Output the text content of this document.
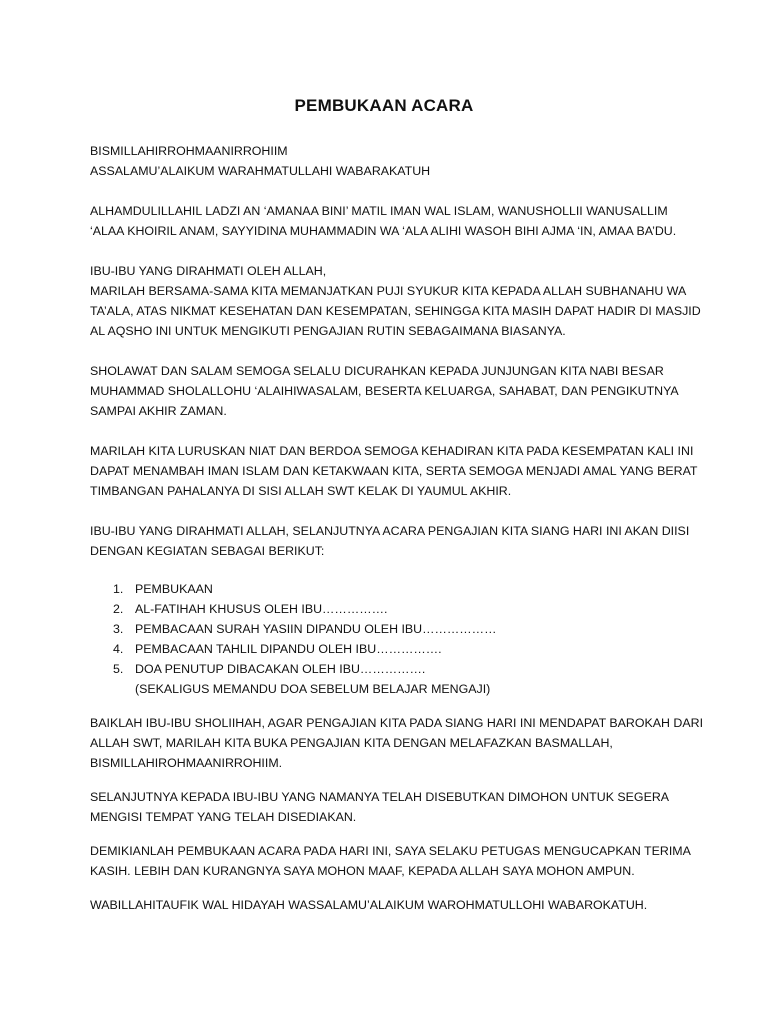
PEMBUKAAN ACARA
BISMILLAHIRROHMAANIRROHIIM
ASSALAMU’ALAIKUM WARAHMATULLAHI WABARAKATUH
ALHAMDULILLAHIL LADZI AN ‘AMANAA BINI’ MATIL IMAN WAL ISLAM, WANUSHOLLII WANUSALLIM
‘ALAA KHOIRIL ANAM, SAYYIDINA MUHAMMADIN WA ‘ALA ALIHI WASOH BIHI AJMA ‘IN, AMAA BA’DU.
IBU-IBU YANG DIRAHMATI OLEH ALLAH,
MARILAH BERSAMA-SAMA KITA MEMANJATKAN PUJI SYUKUR KITA KEPADA ALLAH SUBHANAHU WA
TA’ALA, ATAS NIKMAT KESEHATAN DAN KESEMPATAN, SEHINGGA KITA MASIH DAPAT HADIR DI MASJID
AL AQSHO INI UNTUK MENGIKUTI PENGAJIAN RUTIN SEBAGAIMANA BIASANYA.
SHOLAWAT DAN SALAM SEMOGA SELALU DICURAHKAN KEPADA JUNJUNGAN KITA NABI BESAR
MUHAMMAD SHOLALLOHU ‘ALAIHIWASALAM, BESERTA KELUARGA, SAHABAT, DAN PENGIKUTNYA
SAMPAI AKHIR ZAMAN.
MARILAH KITA LURUSKAN NIAT DAN BERDOA SEMOGA KEHADIRAN KITA PADA KESEMPATAN KALI INI
DAPAT MENAMBAH IMAN ISLAM DAN KETAKWAAN KITA, SERTA SEMOGA MENJADI AMAL YANG BERAT
TIMBANGAN PAHALANYA DI SISI ALLAH SWT KELAK DI YAUMUL AKHIR.
IBU-IBU YANG DIRAHMATI ALLAH, SELANJUTNYA ACARA PENGAJIAN KITA SIANG HARI INI AKAN DIISI
DENGAN KEGIATAN SEBAGAI BERIKUT:
1. PEMBUKAAN
2. AL-FATIHAH KHUSUS OLEH IBU…………….
3. PEMBACAAN SURAH YASIIN DIPANDU OLEH IBU………………
4. PEMBACAAN TAHLIL DIPANDU OLEH IBU…………….
5. DOA PENUTUP DIBACAKAN OLEH IBU…………….
(SEKALIGUS MEMANDU DOA SEBELUM BELAJAR MENGAJI)
BAIKLAH IBU-IBU SHOLIIHAH, AGAR PENGAJIAN KITA PADA SIANG HARI INI MENDAPAT BAROKAH DARI
ALLAH SWT, MARILAH KITA BUKA PENGAJIAN KITA DENGAN MELAFAZKAN BASMALLAH,
BISMILLAHIROHMAANIRROHIIM.
SELANJUTNYA KEPADA IBU-IBU YANG NAMANYA TELAH DISEBUTKAN DIMOHON UNTUK SEGERA
MENGISI TEMPAT YANG TELAH DISEDIAKAN.
DEMIKIANLAH PEMBUKAAN ACARA PADA HARI INI, SAYA SELAKU PETUGAS MENGUCAPKAN TERIMA
KASIH. LEBIH DAN KURANGNYA SAYA MOHON MAAF, KEPADA ALLAH SAYA MOHON AMPUN.
WABILLAHITAUFIK WAL HIDAYAH WASSALAMU’ALAIKUM WAROHMATULLOHI WABAROKATUH.
